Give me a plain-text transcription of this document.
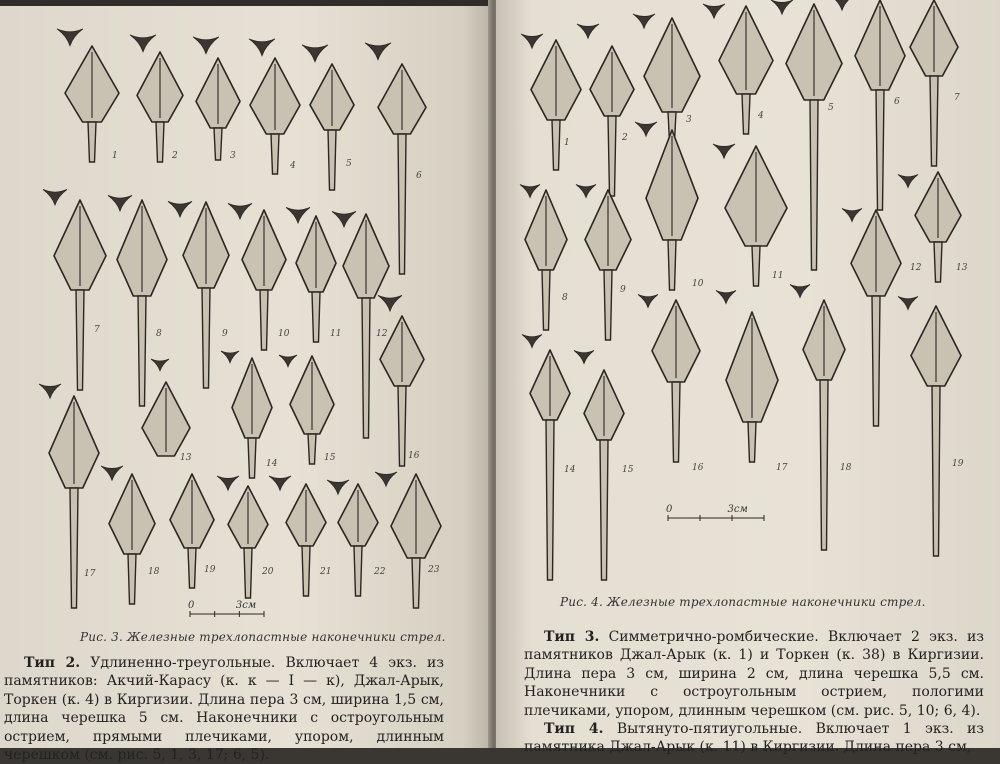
1	2	3
4	5
6
7	8	9	10	11	12
16
13
14
15
17	18	19	20	21	22	23
0	3см
Рис. 3. Железные трехлопастные наконечники стрел.

Тип 2. Удлиненно-треугольные. Включает 4 экз. из памятников: Акчий-Карасу (к. к — I — к), Джал-Арык, Торкен (к. 4) в Киргизии. Длина пера 3 см, ширина 1,5 см, длина черешка 5 см. Наконечники с остроугольным острием, прямыми плечиками, упором, длинным черешком (см. рис. 5, 1, 3, 17; 6, 5).

1	2
3	4
5
6	7
8
9
10
11
12	13
14	15	16	17	18	19
0	3см
Рис. 4. Железные трехлопастные наконечники стрел.

Тип 3. Симметрично-ромбические. Включает 2 экз. из памятников Джал-Арык (к. 1) и Торкен (к. 38) в Киргизии. Длина пера 3 см, ширина 2 см, длина черешка 5,5 см. Наконечники с остроугольным острием, пологими плечиками, упором, длинным черешком (см. рис. 5, 10; 6, 4).

Тип 4. Вытянуто-пятиугольные. Включает 1 экз. из памятника Джал-Арык (к. 11) в Киргизии. Длина пера 3 см,
